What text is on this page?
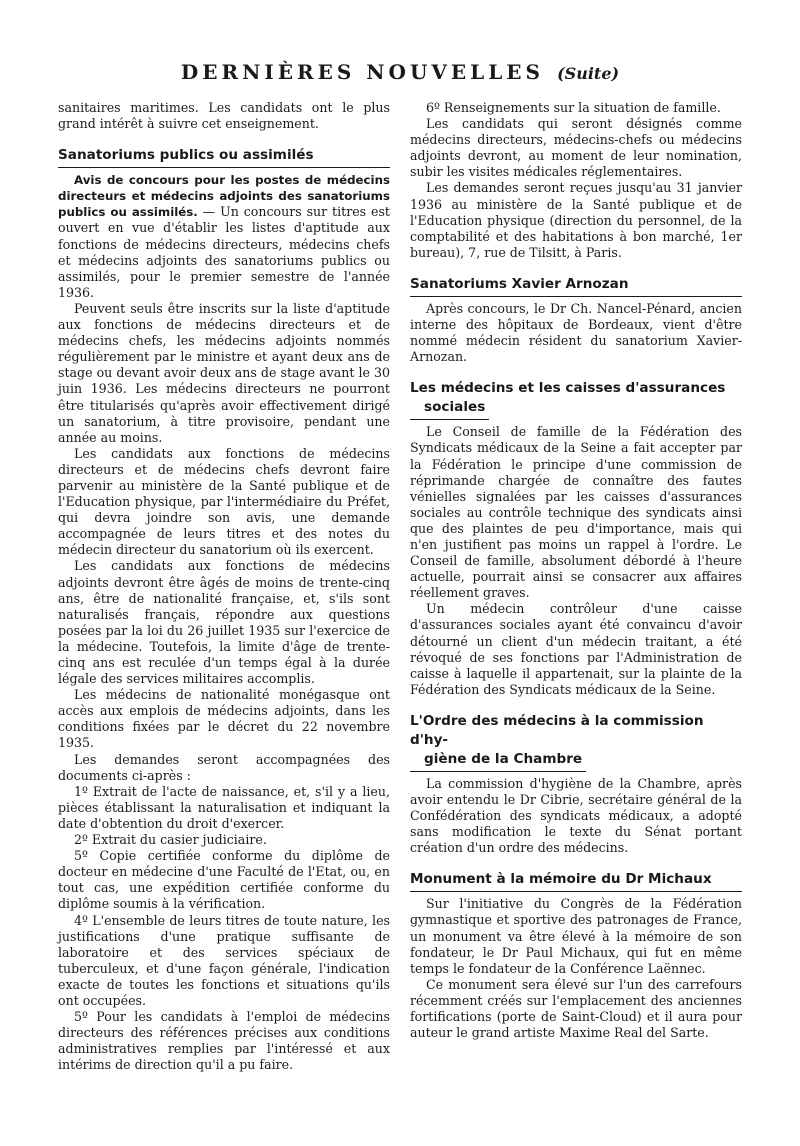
DERNIÈRES NOUVELLES (Suite)

sanitaires maritimes. Les candidats ont le plus grand intérêt à suivre cet enseignement.

Sanatoriums publics ou assimilés

Avis de concours pour les postes de médecins directeurs et médecins adjoints des sanatoriums publics ou assimilés. — Un concours sur titres est ouvert en vue d'établir les listes d'aptitude aux fonctions de médecins directeurs, médecins chefs et médecins adjoints des sanatoriums publics ou assimilés, pour le premier semestre de l'année 1936.

Peuvent seuls être inscrits sur la liste d'aptitude aux fonctions de médecins directeurs et de médecins chefs, les médecins adjoints nommés régulièrement par le ministre et ayant deux ans de stage ou devant avoir deux ans de stage avant le 30 juin 1936. Les médecins directeurs ne pourront être titularisés qu'après avoir effectivement dirigé un sanatorium, à titre provisoire, pendant une année au moins.

Les candidats aux fonctions de médecins directeurs et de médecins chefs devront faire parvenir au ministère de la Santé publique et de l'Education physique, par l'intermédiaire du Préfet, qui devra joindre son avis, une demande accompagnée de leurs titres et des notes du médecin directeur du sanatorium où ils exercent.

Les candidats aux fonctions de médecins adjoints devront être âgés de moins de trente-cinq ans, être de nationalité française, et, s'ils sont naturalisés français, répondre aux questions posées par la loi du 26 juillet 1935 sur l'exercice de la médecine. Toutefois, la limite d'âge de trente-cinq ans est reculée d'un temps égal à la durée légale des services militaires accomplis.

Les médecins de nationalité monégasque ont accès aux emplois de médecins adjoints, dans les conditions fixées par le décret du 22 novembre 1935.

Les demandes seront accompagnées des documents ci-après :

1º Extrait de l'acte de naissance, et, s'il y a lieu, pièces établissant la naturalisation et indiquant la date d'obtention du droit d'exercer.

2º Extrait du casier judiciaire.

5º Copie certifiée conforme du diplôme de docteur en médecine d'une Faculté de l'Etat, ou, en tout cas, une expédition certifiée conforme du diplôme soumis à la vérification.

4º L'ensemble de leurs titres de toute nature, les justifications d'une pratique suffisante de laboratoire et des services spéciaux de tuberculeux, et d'une façon générale, l'indication exacte de toutes les fonctions et situations qu'ils ont occupées.

5º Pour les candidats à l'emploi de médecins directeurs des références précises aux conditions administratives remplies par l'intéressé et aux intérims de direction qu'il a pu faire.

6º Renseignements sur la situation de famille.

Les candidats qui seront désignés comme médecins directeurs, médecins-chefs ou médecins adjoints devront, au moment de leur nomination, subir les visites médicales réglementaires.

Les demandes seront reçues jusqu'au 31 janvier 1936 au ministère de la Santé publique et de l'Education physique (direction du personnel, de la comptabilité et des habitations à bon marché, 1er bureau), 7, rue de Tilsitt, à Paris.

Sanatoriums Xavier Arnozan

Après concours, le Dr Ch. Nancel-Pénard, ancien interne des hôpitaux de Bordeaux, vient d'être nommé médecin résident du sanatorium Xavier-Arnozan.

Les médecins et les caisses d'assurances
sociales

Le Conseil de famille de la Fédération des Syndicats médicaux de la Seine a fait accepter par la Fédération le principe d'une commission de réprimande chargée de connaître des fautes vénielles signalées par les caisses d'assurances sociales au contrôle technique des syndicats ainsi que des plaintes de peu d'importance, mais qui n'en justifient pas moins un rappel à l'ordre. Le Conseil de famille, absolument débordé à l'heure actuelle, pourrait ainsi se consacrer aux affaires réellement graves.

Un médecin contrôleur d'une caisse d'assurances sociales ayant été convaincu d'avoir détourné un client d'un médecin traitant, a été révoqué de ses fonctions par l'Administration de caisse à laquelle il appartenait, sur la plainte de la Fédération des Syndicats médicaux de la Seine.

L'Ordre des médecins à la commission d'hy-
giène de la Chambre

La commission d'hygiène de la Chambre, après avoir entendu le Dr Cibrie, secrétaire général de la Confédération des syndicats médicaux, a adopté sans modification le texte du Sénat portant création d'un ordre des médecins.

Monument à la mémoire du Dr Michaux

Sur l'initiative du Congrès de la Fédération gymnastique et sportive des patronages de France, un monument va être élevé à la mémoire de son fondateur, le Dr Paul Michaux, qui fut en même temps le fondateur de la Conférence Laënnec.

Ce monument sera élevé sur l'un des carrefours récemment créés sur l'emplacement des anciennes fortifications (porte de Saint-Cloud) et il aura pour auteur le grand artiste Maxime Real del Sarte.
